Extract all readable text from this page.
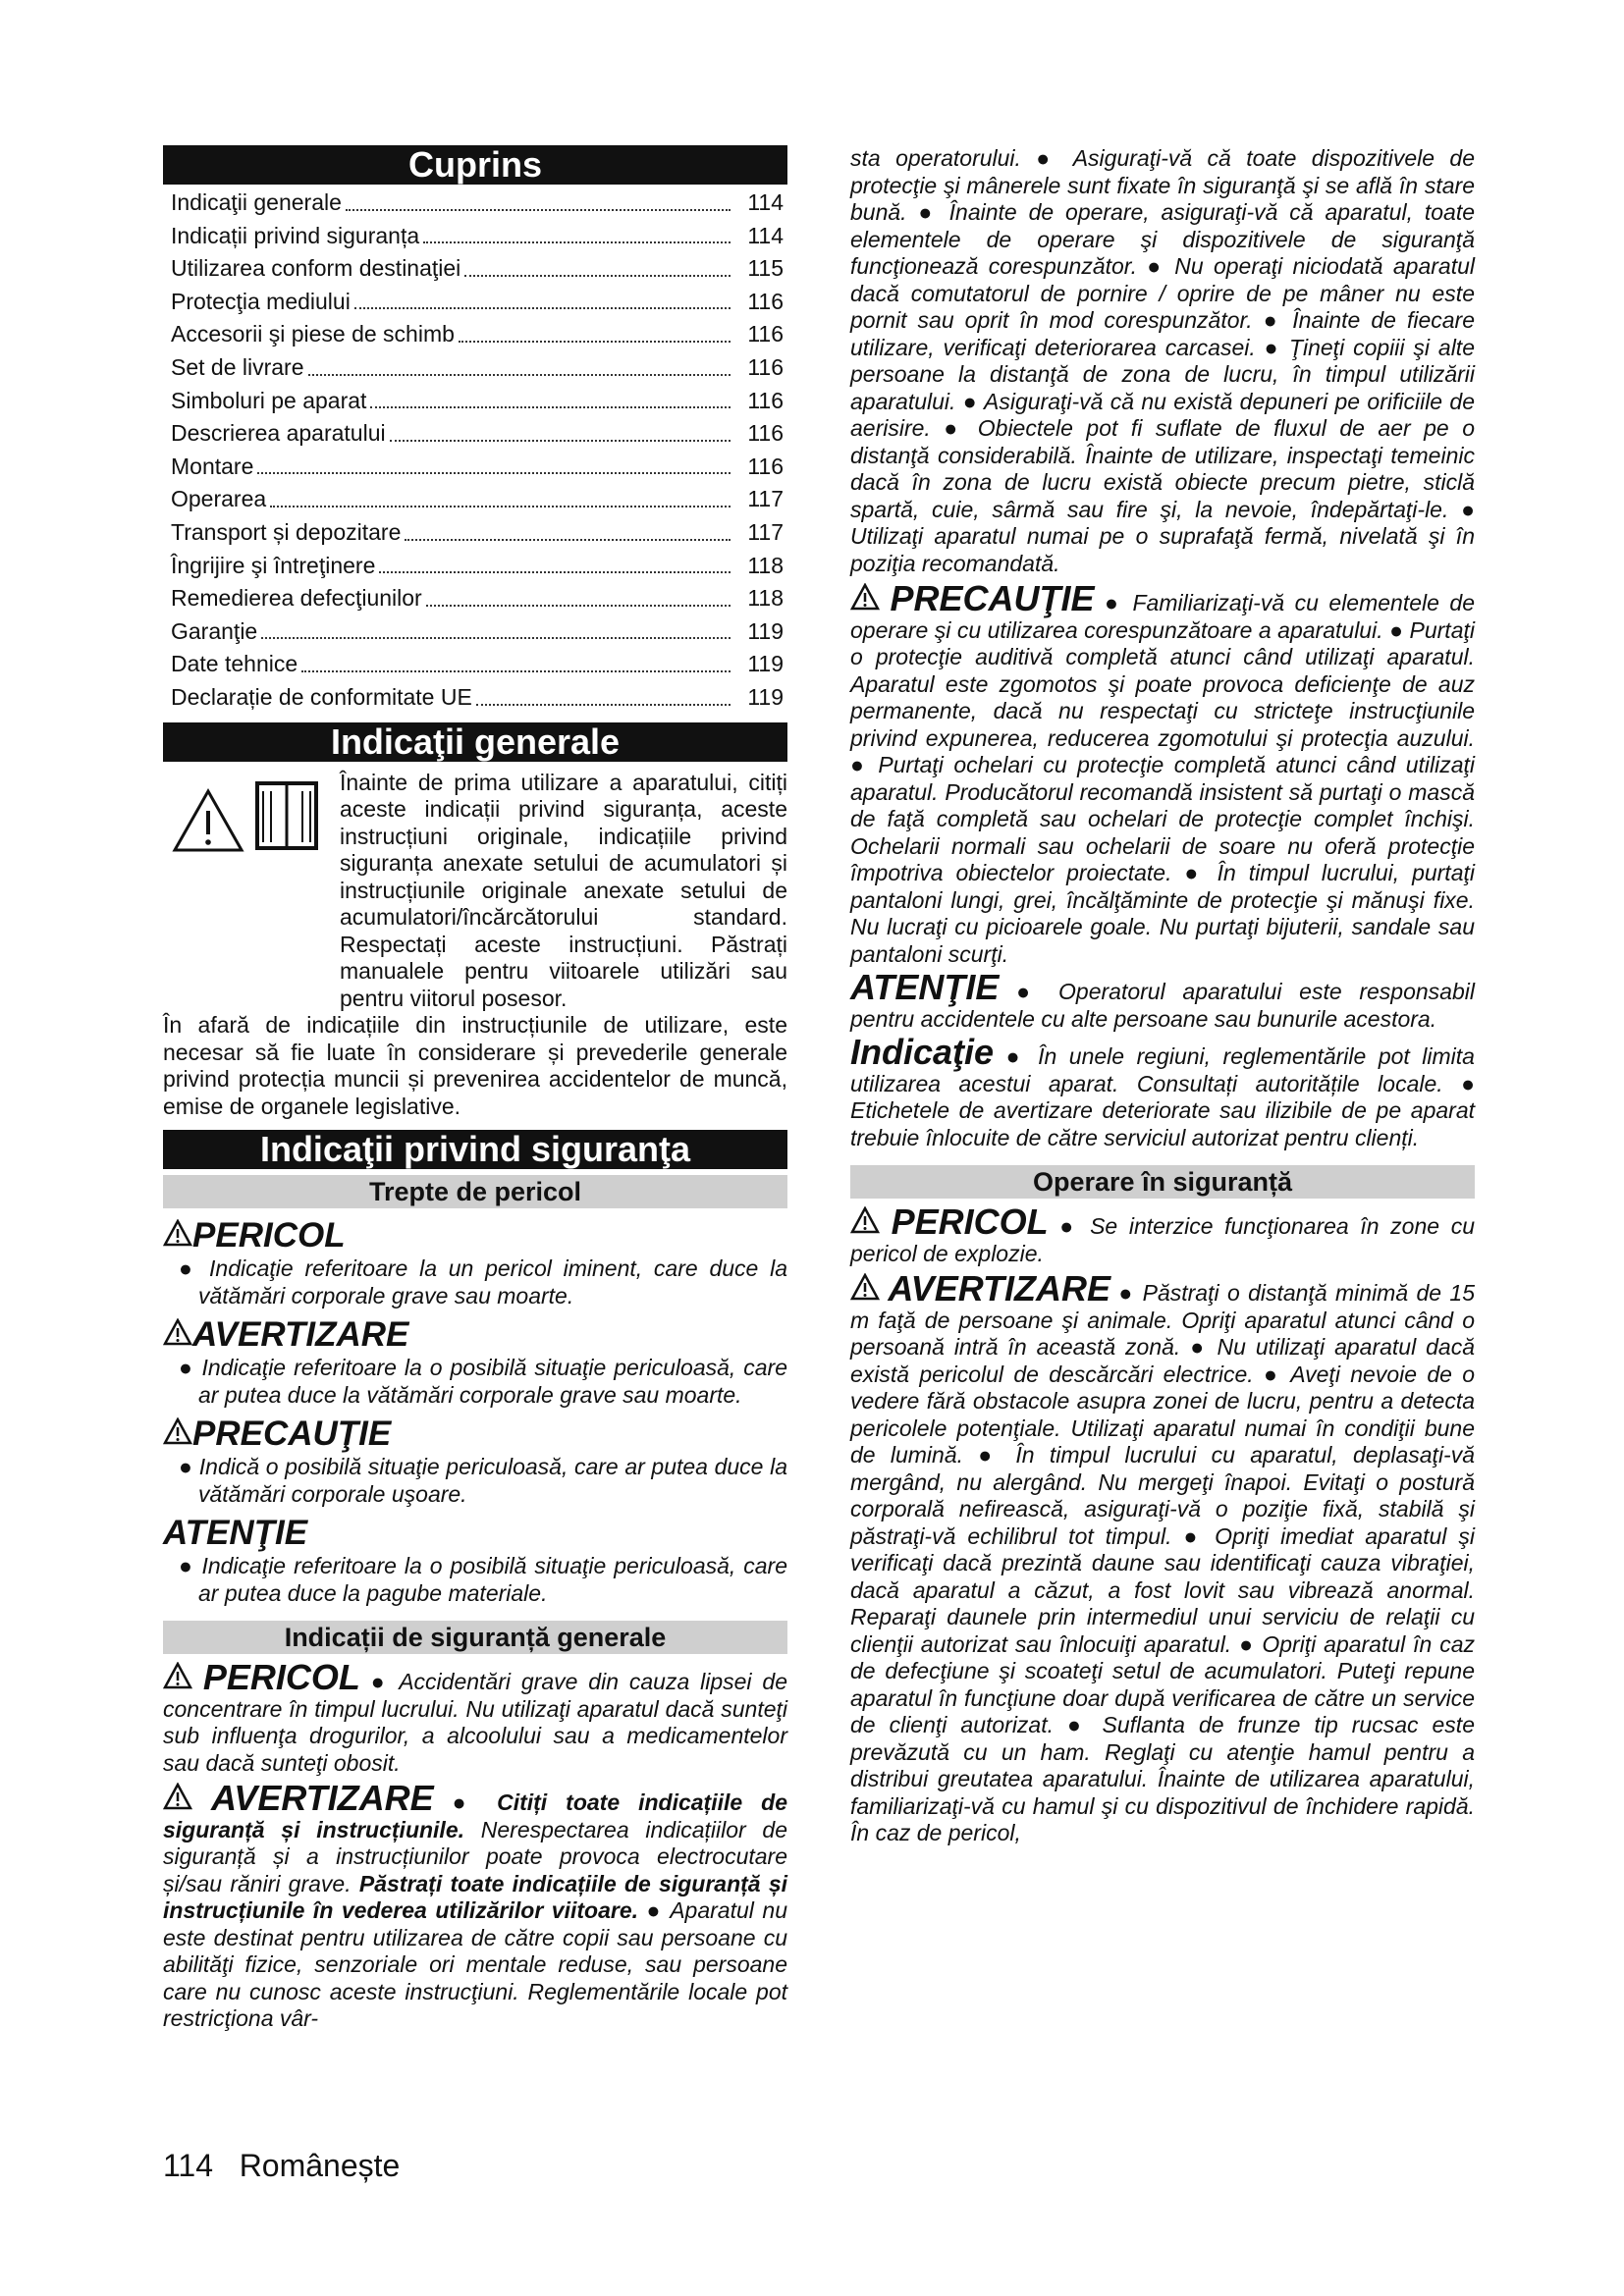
Cuprins
Indicaţii generale	114
Indicații privind siguranța	114
Utilizarea conform destinaţiei	115
Protecţia mediului	116
Accesorii şi piese de schimb	116
Set de livrare	116
Simboluri pe aparat	116
Descrierea aparatului	116
Montare	116
Operarea	117
Transport și depozitare	117
Îngrijire şi întreţinere	118
Remedierea defecţiunilor	118
Garanţie	119
Date tehnice	119
Declarație de conformitate UE	119
Indicaţii generale

Înainte de prima utilizare a aparatului, citiți aceste indicații privind siguranța, aceste instrucțiuni originale, indicațiile privind siguranța anexate setului de acumulatori și instrucțiunile originale anexate setului de acumulatori/încărcătorului standard. Respectați aceste instrucțiuni. Păstrați manualele pentru viitoarele utilizări sau pentru viitorul posesor.

În afară de indicațiile din instrucțiunile de utilizare, este necesar să fie luate în considerare și prevederile generale privind protecția muncii și prevenirea accidentelor de muncă, emise de organele legislative.

Indicaţii privind siguranţa
Trepte de pericol
PERICOL

● Indicaţie referitoare la un pericol iminent, care duce la vătămări corporale grave sau moarte.

AVERTIZARE

● Indicaţie referitoare la o posibilă situaţie periculoasă, care ar putea duce la vătămări corporale grave sau moarte.

PRECAUŢIE

● Indică o posibilă situaţie periculoasă, care ar putea duce la vătămări corporale uşoare.

ATENŢIE

● Indicaţie referitoare la o posibilă situaţie periculoasă, care ar putea duce la pagube materiale.

Indicații de siguranță generale

PERICOL ● Accidentări grave din cauza lipsei de concentrare în timpul lucrului. Nu utilizaţi aparatul dacă sunteţi sub influenţa drogurilor, a alcoolului sau a medicamentelor sau dacă sunteţi obosit.

AVERTIZARE ● Citiți toate indicațiile de siguranță și instrucțiunile. Nerespectarea indicațiilor de siguranță și a instrucțiunilor poate provoca electrocutare și/sau răniri grave. Păstrați toate indicațiile de siguranță și instrucțiunile în vederea utilizărilor viitoare. ● Aparatul nu este destinat pentru utilizarea de către copii sau persoane cu abilităţi fizice, senzoriale ori mentale reduse, sau persoane care nu cunosc aceste instrucţiuni. Reglementările locale pot restricţiona vâr-

sta operatorului. ● Asiguraţi-vă că toate dispozitivele de protecţie şi mânerele sunt fixate în siguranţă şi se află în stare bună. ● Înainte de operare, asiguraţi-vă că aparatul, toate elementele de operare şi dispozitivele de siguranţă funcţionează corespunzător. ● Nu operaţi niciodată aparatul dacă comutatorul de pornire / oprire de pe mâner nu este pornit sau oprit în mod corespunzător. ● Înainte de fiecare utilizare, verificaţi deteriorarea carcasei. ● Ţineţi copiii şi alte persoane la distanţă de zona de lucru, în timpul utilizării aparatului. ● Asiguraţi-vă că nu există depuneri pe orificiile de aerisire. ● Obiectele pot fi suflate de fluxul de aer pe o distanţă considerabilă. Înainte de utilizare, inspectaţi temeinic dacă în zona de lucru există obiecte precum pietre, sticlă spartă, cuie, sârmă sau fire şi, la nevoie, îndepărtaţi-le. ● Utilizaţi aparatul numai pe o suprafaţă fermă, nivelată şi în poziţia recomandată.

PRECAUŢIE ● Familiarizaţi-vă cu elementele de operare şi cu utilizarea corespunzătoare a aparatului. ● Purtaţi o protecţie auditivă completă atunci când utilizaţi aparatul. Aparatul este zgomotos şi poate provoca deficienţe de auz permanente, dacă nu respectaţi cu stricteţe instrucţiunile privind expunerea, reducerea zgomotului şi protecţia auzului. ● Purtaţi ochelari cu protecţie completă atunci când utilizaţi aparatul. Producătorul recomandă insistent să purtaţi o mască de faţă completă sau ochelari de protecţie complet închişi. Ochelarii normali sau ochelarii de soare nu oferă protecţie împotriva obiectelor proiectate. ● În timpul lucrului, purtaţi pantaloni lungi, grei, încălţăminte de protecţie şi mănuşi fixe. Nu lucraţi cu picioarele goale. Nu purtaţi bijuterii, sandale sau pantaloni scurţi.

ATENŢIE ● Operatorul aparatului este responsabil pentru accidentele cu alte persoane sau bunurile acestora.

Indicaţie ● În unele regiuni, reglementările pot limita utilizarea acestui aparat. Consultați autoritățile locale. ● Etichetele de avertizare deteriorate sau ilizibile de pe aparat trebuie înlocuite de către serviciul autorizat pentru clienți.

Operare în siguranță

PERICOL ● Se interzice funcţionarea în zone cu pericol de explozie.

AVERTIZARE ● Păstraţi o distanţă minimă de 15 m faţă de persoane şi animale. Opriţi aparatul atunci când o persoană intră în această zonă. ● Nu utilizaţi aparatul dacă există pericolul de descărcări electrice. ● Aveţi nevoie de o vedere fără obstacole asupra zonei de lucru, pentru a detecta pericolele potenţiale. Utilizaţi aparatul numai în condiţii bune de lumină. ● În timpul lucrului cu aparatul, deplasaţi-vă mergând, nu alergând. Nu mergeţi înapoi. Evitaţi o postură corporală nefirească, asiguraţi-vă o poziţie fixă, stabilă şi păstraţi-vă echilibrul tot timpul. ● Opriţi imediat aparatul şi verificaţi dacă prezintă daune sau identificaţi cauza vibraţiei, dacă aparatul a căzut, a fost lovit sau vibrează anormal. Reparaţi daunele prin intermediul unui serviciu de relaţii cu clienţii autorizat sau înlocuiţi aparatul. ● Opriţi aparatul în caz de defecţiune şi scoateţi setul de acumulatori. Puteţi repune aparatul în funcţiune doar după verificarea de către un service de clienţi autorizat. ● Suflanta de frunze tip rucsac este prevăzută cu un ham. Reglaţi cu atenţie hamul pentru a distribui greutatea aparatului. Înainte de utilizarea aparatului, familiarizaţi-vă cu hamul şi cu dispozitivul de închidere rapidă. În caz de pericol,

114 Românește
